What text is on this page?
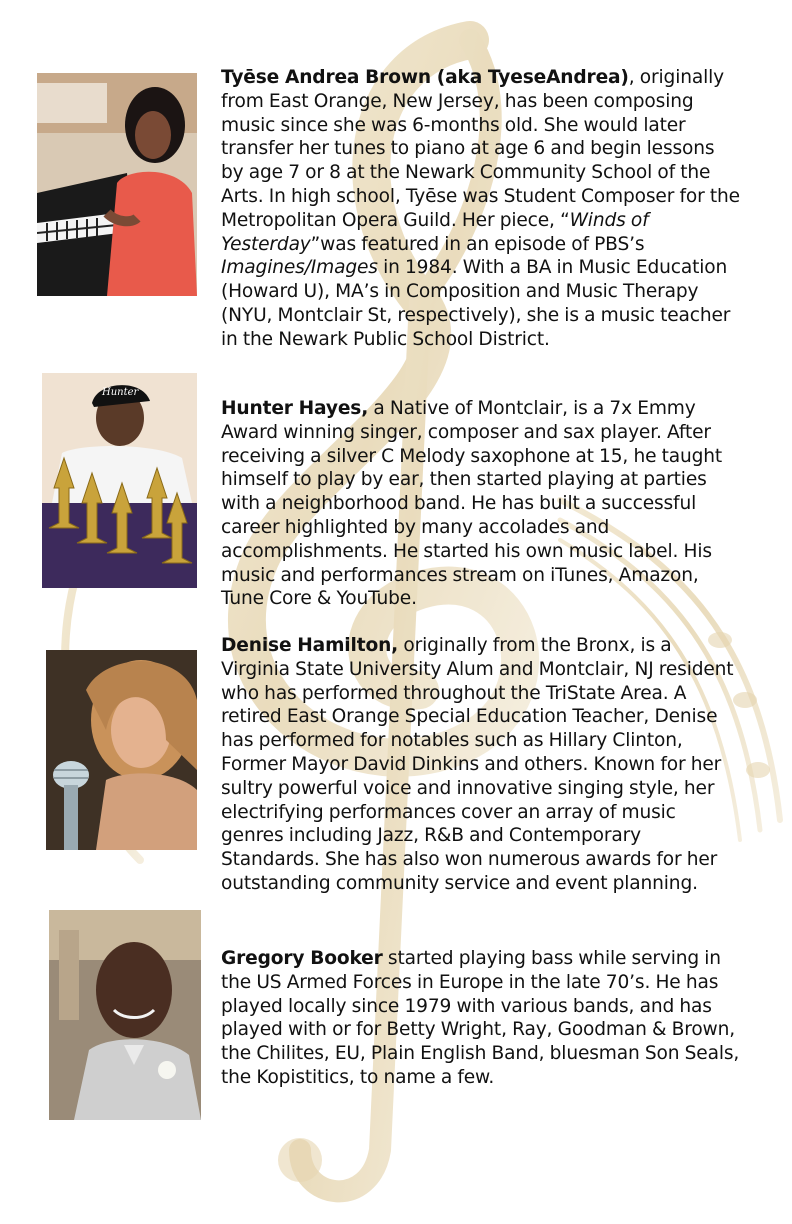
Hunter

Tyēse Andrea Brown (aka TyeseAndrea), originally from East Orange, New Jersey, has been composing music since she was 6-months old. She would later transfer her tunes to piano at age 6 and begin lessons by age 7 or 8 at the Newark Community School of the Arts. In high school, Tyēse was Student Composer for the Metropolitan Opera Guild. Her piece, “Winds of Yesterday”was featured in an episode of PBS’s Imagines/Images in 1984. With a BA in Music Education (Howard U), MA’s in Composition and Music Therapy (NYU, Montclair St, respectively), she is a music teacher in the Newark Public School District.

Hunter Hayes, a Native of Montclair, is a 7x Emmy Award winning singer, composer and sax player. After receiving a silver C Melody saxophone at 15, he taught himself to play by ear, then started playing at parties with a neighborhood band. He has built a successful career highlighted by many accolades and accomplishments. He started his own music label. His music and performances stream on iTunes, Amazon, Tune Core & YouTube.

Denise Hamilton, originally from the Bronx, is a Virginia State University Alum and Montclair, NJ resident who has performed throughout the TriState Area. A retired East Orange Special Education Teacher, Denise has performed for notables such as Hillary Clinton, Former Mayor David Dinkins and others. Known for her sultry powerful voice and innovative singing style, her electrifying performances cover an array of music genres including Jazz, R&B and Contemporary Standards. She has also won numerous awards for her outstanding community service and event planning.

Gregory Booker started playing bass while serving in the US Armed Forces in Europe in the late 70’s. He has played locally since 1979 with various bands, and has played with or for Betty Wright, Ray, Goodman & Brown, the Chilites, EU, Plain English Band, bluesman Son Seals, the Kopistitics, to name a few.
